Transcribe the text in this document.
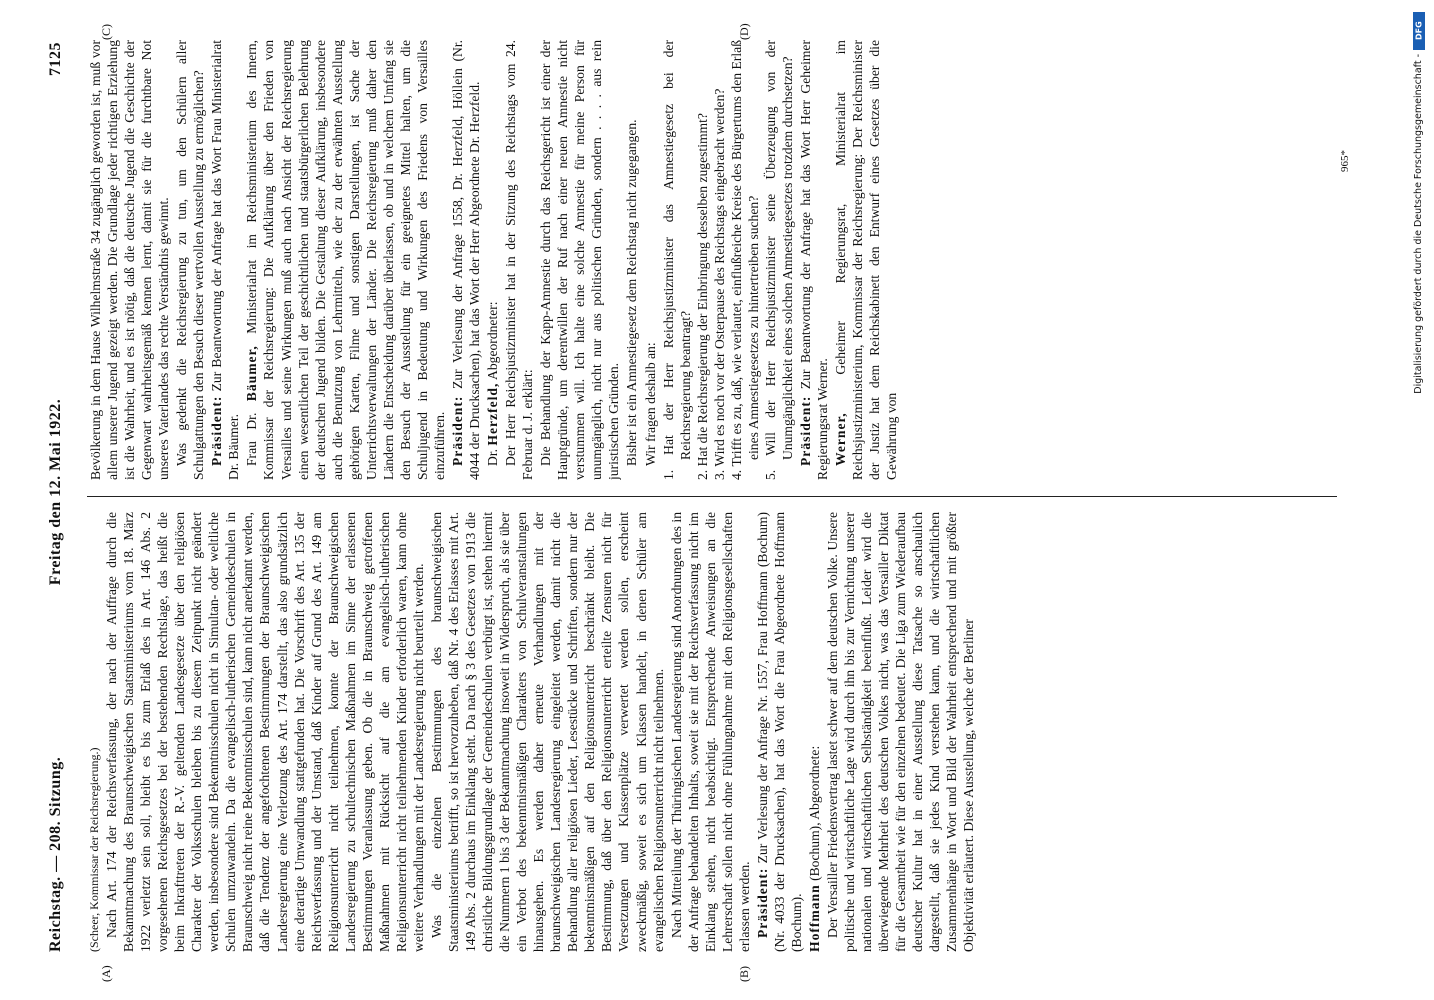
Reichstag. — 208. Sitzung.
Freitag den 12. Mai 1922.
7125
(A)	(B)
(C)	(D)

(Scheer, Kommissar der Reichsregierung.) Nach Art. 174 der Reichsverfassung, der nach der Auffrage durch die Bekanntmachung des Braunschweigischen Staatsministeriums vom 18. März 1922 verletzt sein soll, bleibt es bis zum Erlaß des in Art. 146 Abs. 2 vorgesehenen Reichsgesetzes bei der bestehenden Rechtslage, das heißt die beim Inkrafttreten der R.-V. geltenden Landesgesetze über den religiösen Charakter der Volksschulen bleiben bis zu diesem Zeitpunkt nicht geändert werden, insbesondere sind Bekenntnisschulen nicht in Simultan- oder weltliche Schulen umzuwandeln. Da die evangelisch-lutherischen Gemeindeschulen in Braunschweig nicht reine Bekenntnisschulen sind, kann nicht anerkannt werden, daß die Tendenz der angefochtenen Bestimmungen der Braunschweigischen Landesregierung eine Verletzung des Art. 174 darstellt, das also grundsätzlich eine derartige Umwandlung stattgefunden hat. Die Vorschrift des Art. 135 der Reichsverfassung und der Umstand, daß Kinder auf Grund des Art. 149 am Religionsunterricht nicht teilnehmen, konnte der Braunschweigischen Landesregierung zu schultechnischen Maßnahmen im Sinne der erlassenen Bestimmungen Veranlassung geben. Ob die in Braunschweig getroffenen Maßnahmen mit Rücksicht auf die am evangelisch-lutherischen Religionsunterricht nicht teilnehmenden Kinder erforderlich waren, kann ohne weitere Verhandlungen mit der Landesregierung nicht beurteilt werden. Was die einzelnen Bestimmungen des braunschweigischen Staatsministeriums betrifft, so ist hervorzuheben, daß Nr. 4 des Erlasses mit Art. 149 Abs. 2 durchaus im Einklang steht. Da nach § 3 des Gesetzes von 1913 die christliche Bildungsgrundlage der Gemeindeschulen verbürgt ist, stehen hiermit die Nummern 1 bis 3 der Bekanntmachung insoweit in Widerspruch, als sie über ein Verbot des bekenntnismäßigen Charakters von Schulveranstaltungen hinausgehen. Es werden daher erneute Verhandlungen mit der braunschweigischen Landesregierung eingeleitet werden, damit nicht die Behandlung aller religiösen Lieder, Lesestücke und Schriften, sondern nur der bekenntnismäßigen auf den Religionsunterricht beschränkt bleibt. Die Bestimmung, daß über den Religionsunterricht erteilte Zensuren nicht für Versetzungen und Klassenplätze verwertet werden sollen, erscheint zweckmäßig, soweit es sich um Klassen handelt, in denen Schüler am evangelischen Religionsunterricht nicht teilnehmen. Nach Mitteilung der Thüringischen Landesregierung sind Anordnungen des in der Anfrage behandelten Inhalts, soweit sie mit der Reichsverfassung nicht im Einklang stehen, nicht beabsichtigt. Entsprechende Anweisungen an die Lehrerschaft sollen nicht ohne Fühlungnahme mit den Religionsgesellschaften erlassen werden. Präsident: Zur Verlesung der Anfrage Nr. 1557, Frau Hoffmann (Bochum) (Nr. 4033 der Drucksachen), hat das Wort die Frau Abgeordnete Hoffmann (Bochum). Hoffmann (Bochum), Abgeordnete: Der Versailler Friedensvertrag lastet schwer auf dem deutschen Volke. Unsere politische und wirtschaftliche Lage wird durch ihn bis zur Vernichtung unserer nationalen und wirtschaftlichen Selbständigkeit beeinflußt. Leider wird die überwiegende Mehrheit des deutschen Volkes nicht, was das Versailler Diktat für die Gesamtheit wie für den einzelnen bedeutet. Die Liga zum Wiederaufbau deutscher Kultur hat in einer Ausstellung diese Tatsache so anschaulich dargestellt, daß sie jedes Kind verstehen kann, und die wirtschaftlichen Zusammenhänge in Wort und Bild der Wahrheit entsprechend und mit größter Objektivität erläutert. Diese Ausstellung, welche der Berliner

Bevölkerung in dem Hause Wilhelmstraße 34 zugänglich geworden ist, muß vor allem unserer Jugend gezeigt werden. Die Grundlage jeder richtigen Erziehung ist die Wahrheit, und es ist nötig, daß die deutsche Jugend die Geschichte der Gegenwart wahrheitsgemäß kennen lernt, damit sie für die furchtbare Not unseres Vaterlandes das rechte Verständnis gewinnt. Was gedenkt die Reichsregierung zu tun, um den Schülern aller Schulgattungen den Besuch dieser wertvollen Ausstellung zu ermöglichen? Präsident: Zur Beantwortung der Anfrage hat das Wort Frau Ministerialrat Dr. Bäumer. Frau Dr. Bäumer, Ministerialrat im Reichsministerium des Innern, Kommissar der Reichsregierung: Die Aufklärung über den Frieden von Versailles und seine Wirkungen muß auch nach Ansicht der Reichsregierung einen wesentlichen Teil der geschichtlichen und staatsbürgerlichen Belehrung der deutschen Jugend bilden. Die Gestaltung dieser Aufklärung, insbesondere auch die Benutzung von Lehrmitteln, wie der zu der erwähnten Ausstellung gehörigen Karten, Filme und sonstigen Darstellungen, ist Sache der Unterrichtsverwaltungen der Länder. Die Reichsregierung muß daher den Ländern die Entscheidung darüber überlassen, ob und in welchem Umfang sie den Besuch der Ausstellung für ein geeignetes Mittel halten, um die Schuljugend in Bedeutung und Wirkungen des Friedens von Versailles einzuführen. Präsident: Zur Verlesung der Anfrage 1558, Dr. Herzfeld, Höllein (Nr. 4044 der Drucksachen), hat das Wort der Herr Abgeordnete Dr. Herzfeld. Dr. Herzfeld, Abgeordneter: Der Herr Reichsjustizminister hat in der Sitzung des Reichstags vom 24. Februar d. J. erklärt: Die Behandlung der Kapp-Amnestie durch das Reichsgericht ist einer der Hauptgründe, um derentwillen der Ruf nach einer neuen Amnestie nicht verstummen will. Ich halte eine solche Amnestie für meine Person für unumgänglich, nicht nur aus politischen Gründen, sondern . . . . aus rein juristischen Gründen. Bisher ist ein Amnestiegesetz dem Reichstag nicht zugegangen. Wir fragen deshalb an: 1. Hat der Herr Reichsjustizminister das Amnestiegesetz bei der Reichsregierung beantragt? 2. Hat die Reichsregierung der Einbringung desselben zugestimmt? 3. Wird es noch vor der Osterpause des Reichstags eingebracht werden? 4. Trifft es zu, daß, wie verlautet, einflußreiche Kreise des Bürgertums den Erlaß eines Amnestiegesetzes zu hintertreiben suchen? 5. Will der Herr Reichsjustizminister seine Überzeugung von der Unumgänglichkeit eines solchen Amnestiegesetzes trotzdem durchsetzen? Präsident: Zur Beantwortung der Anfrage hat das Wort Herr Geheimer Regierungsrat Werner. Werner, Geheimer Regierungsrat, Ministerialrat im Reichsjustizministerium, Kommissar der Reichsregierung: Der Reichsminister der Justiz hat dem Reichskabinett den Entwurf eines Gesetzes über die Gewährung von

965*
DFG
Digitalisierung gefördert durch die Deutsche Forschungsgemeinschaft -
